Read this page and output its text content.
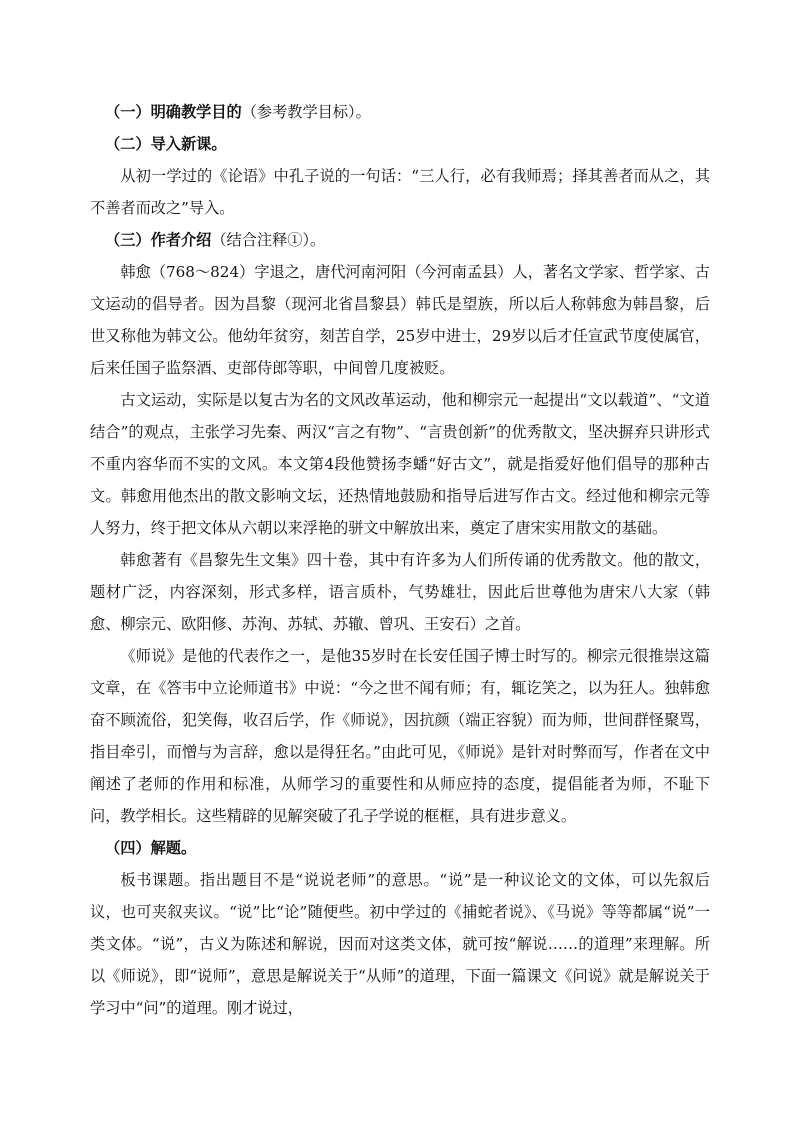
（一）明确教学目的（参考教学目标）。

（二）导入新课。

从初一学过的《论语》中孔子说的一句话：“三人行，必有我师焉；择其善者而从之，其不善者而改之”导入。

（三）作者介绍（结合注释①）。

韩愈（768～824）字退之，唐代河南河阳（今河南孟县）人，著名文学家、哲学家、古文运动的倡导者。因为昌黎（现河北省昌黎县）韩氏是望族，所以后人称韩愈为韩昌黎，后世又称他为韩文公。他幼年贫穷，刻苦自学，25岁中进士，29岁以后才任宣武节度使属官，后来任国子监祭酒、吏部侍郎等职，中间曾几度被贬。

古文运动，实际是以复古为名的文风改革运动，他和柳宗元一起提出“文以载道”、“文道结合”的观点，主张学习先秦、两汉“言之有物”、“言贵创新”的优秀散文，坚决摒弃只讲形式不重内容华而不实的文风。本文第4段他赞扬李蟠“好古文”，就是指爱好他们倡导的那种古文。韩愈用他杰出的散文影响文坛，还热情地鼓励和指导后进写作古文。经过他和柳宗元等人努力，终于把文体从六朝以来浮艳的骈文中解放出来，奠定了唐宋实用散文的基础。

韩愈著有《昌黎先生文集》四十卷，其中有许多为人们所传诵的优秀散文。他的散文，题材广泛，内容深刻，形式多样，语言质朴，气势雄壮，因此后世尊他为唐宋八大家（韩愈、柳宗元、欧阳修、苏洵、苏轼、苏辙、曾巩、王安石）之首。

《师说》是他的代表作之一，是他35岁时在长安任国子博士时写的。柳宗元很推崇这篇文章，在《答韦中立论师道书》中说：“今之世不闻有师；有，辄讫笑之，以为狂人。独韩愈奋不顾流俗，犯笑侮，收召后学，作《师说》，因抗颜（端正容貌）而为师，世间群怪聚骂，指目牵引，而憎与为言辞，愈以是得狂名。”由此可见，《师说》是针对时弊而写，作者在文中阐述了老师的作用和标准，从师学习的重要性和从师应持的态度，提倡能者为师，不耻下问，教学相长。这些精辟的见解突破了孔子学说的框框，具有进步意义。

（四）解题。

板书课题。指出题目不是“说说老师”的意思。“说”是一种议论文的文体，可以先叙后议，也可夹叙夹议。“说”比“论”随便些。初中学过的《捕蛇者说》、《马说》等等都属“说”一类文体。“说”，古义为陈述和解说，因而对这类文体，就可按“解说……的道理”来理解。所以《师说》，即“说师”，意思是解说关于“从师”的道理，下面一篇课文《问说》就是解说关于学习中“问”的道理。刚才说过，
